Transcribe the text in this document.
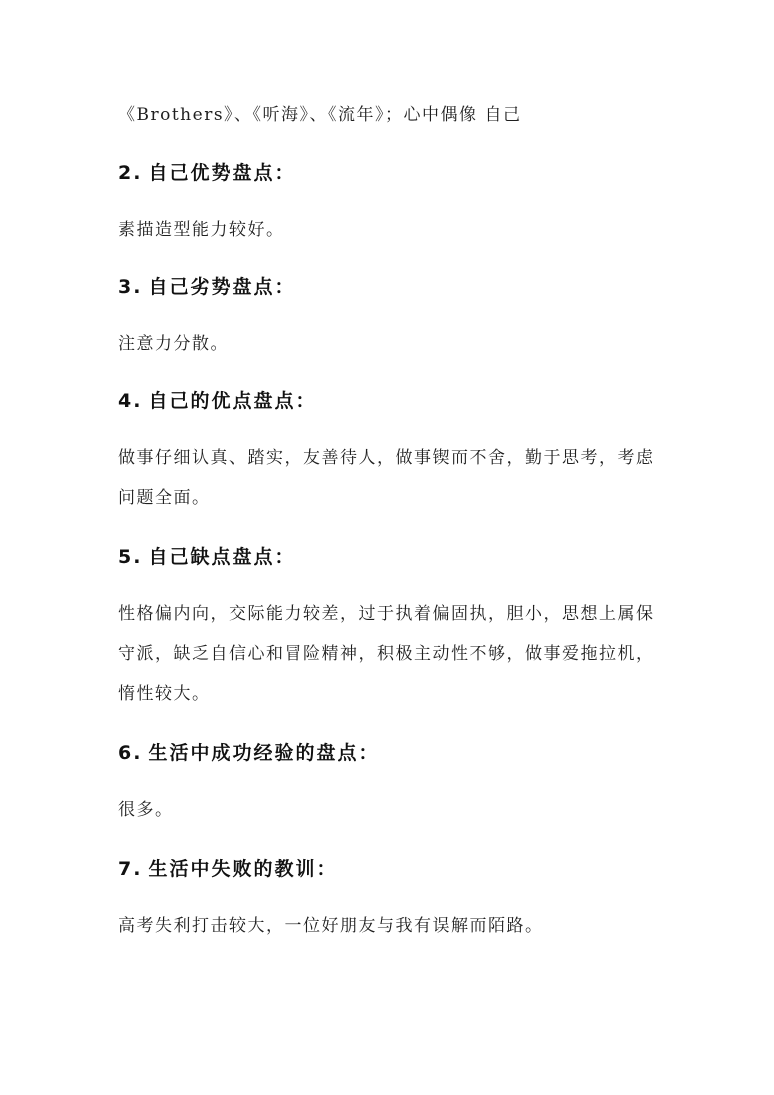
《Brothers》、《听海》、《流年》；心中偶像 自己

2. 自己优势盘点：

素描造型能力较好。

3. 自己劣势盘点：

注意力分散。

4. 自己的优点盘点：

做事仔细认真、踏实，友善待人，做事锲而不舍，勤于思考，考虑问题全面。

5. 自己缺点盘点：

性格偏内向，交际能力较差，过于执着偏固执，胆小，思想上属保守派，缺乏自信心和冒险精神，积极主动性不够，做事爱拖拉机，惰性较大。

6. 生活中成功经验的盘点：

很多。

7. 生活中失败的教训：

高考失利打击较大，一位好朋友与我有误解而陌路。
